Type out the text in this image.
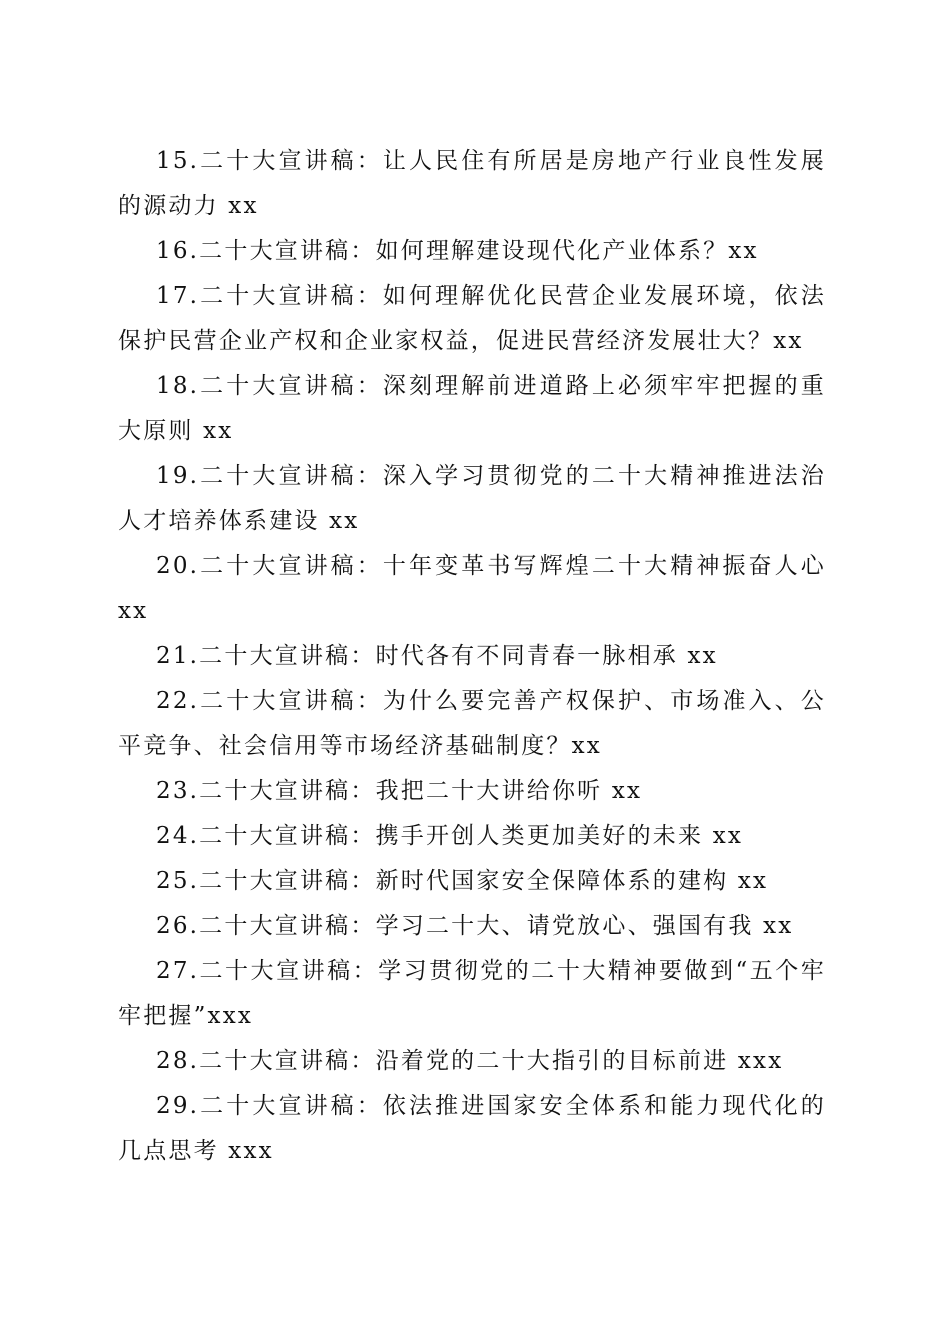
15.二十大宣讲稿：让人民住有所居是房地产行业良性发展的源动力 xx
16.二十大宣讲稿：如何理解建设现代化产业体系？xx
17.二十大宣讲稿：如何理解优化民营企业发展环境，依法保护民营企业产权和企业家权益，促进民营经济发展壮大？xx
18.二十大宣讲稿：深刻理解前进道路上必须牢牢把握的重大原则 xx
19.二十大宣讲稿：深入学习贯彻党的二十大精神推进法治人才培养体系建设 xx
20.二十大宣讲稿：十年变革书写辉煌二十大精神振奋人心 xx
21.二十大宣讲稿：时代各有不同青春一脉相承 xx
22.二十大宣讲稿：为什么要完善产权保护、市场准入、公平竞争、社会信用等市场经济基础制度？xx
23.二十大宣讲稿：我把二十大讲给你听 xx
24.二十大宣讲稿：携手开创人类更加美好的未来 xx
25.二十大宣讲稿：新时代国家安全保障体系的建构 xx
26.二十大宣讲稿：学习二十大、请党放心、强国有我 xx
27.二十大宣讲稿：学习贯彻党的二十大精神要做到“五个牢牢把握”xxx
28.二十大宣讲稿：沿着党的二十大指引的目标前进 xxx
29.二十大宣讲稿：依法推进国家安全体系和能力现代化的几点思考 xxx
